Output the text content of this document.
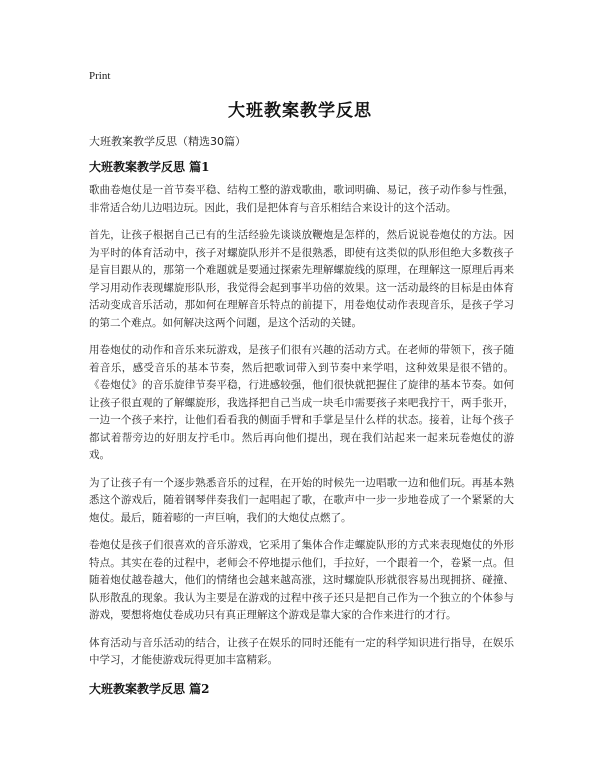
Print
大班教案教学反思
大班教案教学反思（精选30篇）
大班教案教学反思 篇1

歌曲卷炮仗是一首节奏平稳、结构工整的游戏歌曲，歌词明确、易记，孩子动作参与性强，非常适合幼儿边唱边玩。因此，我们是把体育与音乐相结合来设计的这个活动。

首先，让孩子根据自己已有的生活经验先谈谈放鞭炮是怎样的，然后说说卷炮仗的方法。因为平时的体育活动中，孩子对螺旋队形并不是很熟悉，即使有这类似的队形但绝大多数孩子是盲目跟从的，那第一个难题就是要通过探索先理解螺旋线的原理，在理解这一原理后再来学习用动作表现螺旋形队形，我觉得会起到事半功倍的效果。这一活动最终的目标是由体育活动变成音乐活动，那如何在理解音乐特点的前提下，用卷炮仗动作表现音乐，是孩子学习的第二个难点。如何解决这两个问题，是这个活动的关键。

用卷炮仗的动作和音乐来玩游戏，是孩子们很有兴趣的活动方式。在老师的带领下，孩子随着音乐，感受音乐的基本节奏，然后把歌词带入到节奏中来学唱，这种效果是很不错的。《卷炮仗》的音乐旋律节奏平稳，行进感较强，他们很快就把握住了旋律的基本节奏。如何让孩子很直观的了解螺旋形，我选择把自己当成一块毛巾需要孩子来吧我拧干，两手张开，一边一个孩子来拧，让他们看看我的侧面手臂和手掌是呈什么样的状态。接着，让每个孩子都试着帮旁边的好朋友拧毛巾。然后再向他们提出，现在我们站起来一起来玩卷炮仗的游戏。

为了让孩子有一个逐步熟悉音乐的过程，在开始的时候先一边唱歌一边和他们玩。再基本熟悉这个游戏后，随着钢琴伴奏我们一起唱起了歌，在歌声中一步一步地卷成了一个紧紧的大炮仗。最后，随着嘭的一声巨响，我们的大炮仗点燃了。

卷炮仗是孩子们很喜欢的音乐游戏，它采用了集体合作走螺旋队形的方式来表现炮仗的外形特点。其实在卷的过程中，老师会不停地提示他们，手拉好，一个跟着一个，卷紧一点。但随着炮仗越卷越大，他们的情绪也会越来越高涨，这时螺旋队形就很容易出现拥挤、碰撞、队形散乱的现象。我认为主要是在游戏的过程中孩子还只是把自己作为一个独立的个体参与游戏，要想将炮仗卷成功只有真正理解这个游戏是靠大家的合作来进行的才行。

体育活动与音乐活动的结合，让孩子在娱乐的同时还能有一定的科学知识进行指导，在娱乐中学习，才能使游戏玩得更加丰富精彩。

大班教案教学反思 篇2
